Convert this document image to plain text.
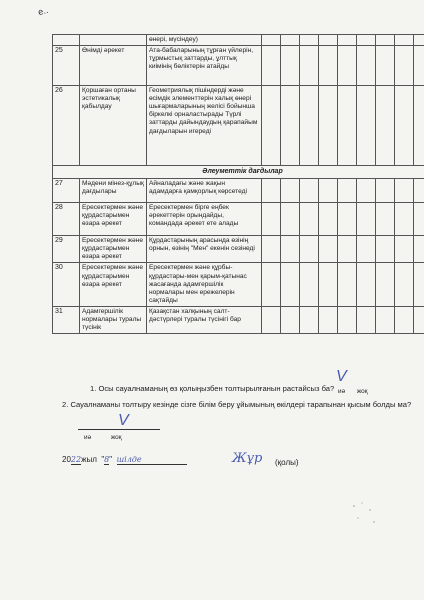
e..
		өнері, мүсіндеу)									
25	Өнімді әрекет	Ата-бабаларының тұрған үйлерін, тұрмыстық заттарды, ұлттық киімінің бөліктерін атайды									
26	Қоршаған ортаны эстетикалық қабылдау	Геометриялық пішіндерді және өсімдік элементтерін халық өнері шығармаларының желісі бойынша біркелкі орналастырады Түрлі заттарды дайындаудың қарапайым дағдыларын игереді									
Әлеуметтік дағдылар											
27	Мәдени мінез-құлық дағдылары	Айналадағы және жақын адамдарға қамқорлық көрсетеді									
28	Ересектермен және құрдастарымен өзара әрекет	Ересектермен бірге еңбек әрекеттерін орындайды, командада әрекет ете алады									
29	Ересектермен және құрдастарымен өзара әрекет	Құрдастарының арасында өзінің орнын, өзінің "Мен" екенін сезінеді									
30	Ересектермен және құрдастарымен өзара әрекет	Ересектермен және құрбы-құрдастары-мен қарым-қатынас жасағанда адамгершілік нормалары мен ережелерін сақтайды									
31	Адамгершілік нормалары туралы түсінік	Қазақстан халқының салт-дәстүрлері туралы түсінігі бар									
V
1. Осы сауалнаманың өз қолыңызбен толтырылғанын растайсыз ба? иә жоқ
2. Сауалнаманы толтыру кезінде сізге білім беру ұйымының өкілдері тарапынан қысым болды ма?
V
иә	жоқ
2022жыл  "8"  шілде	Жұр (қолы)
